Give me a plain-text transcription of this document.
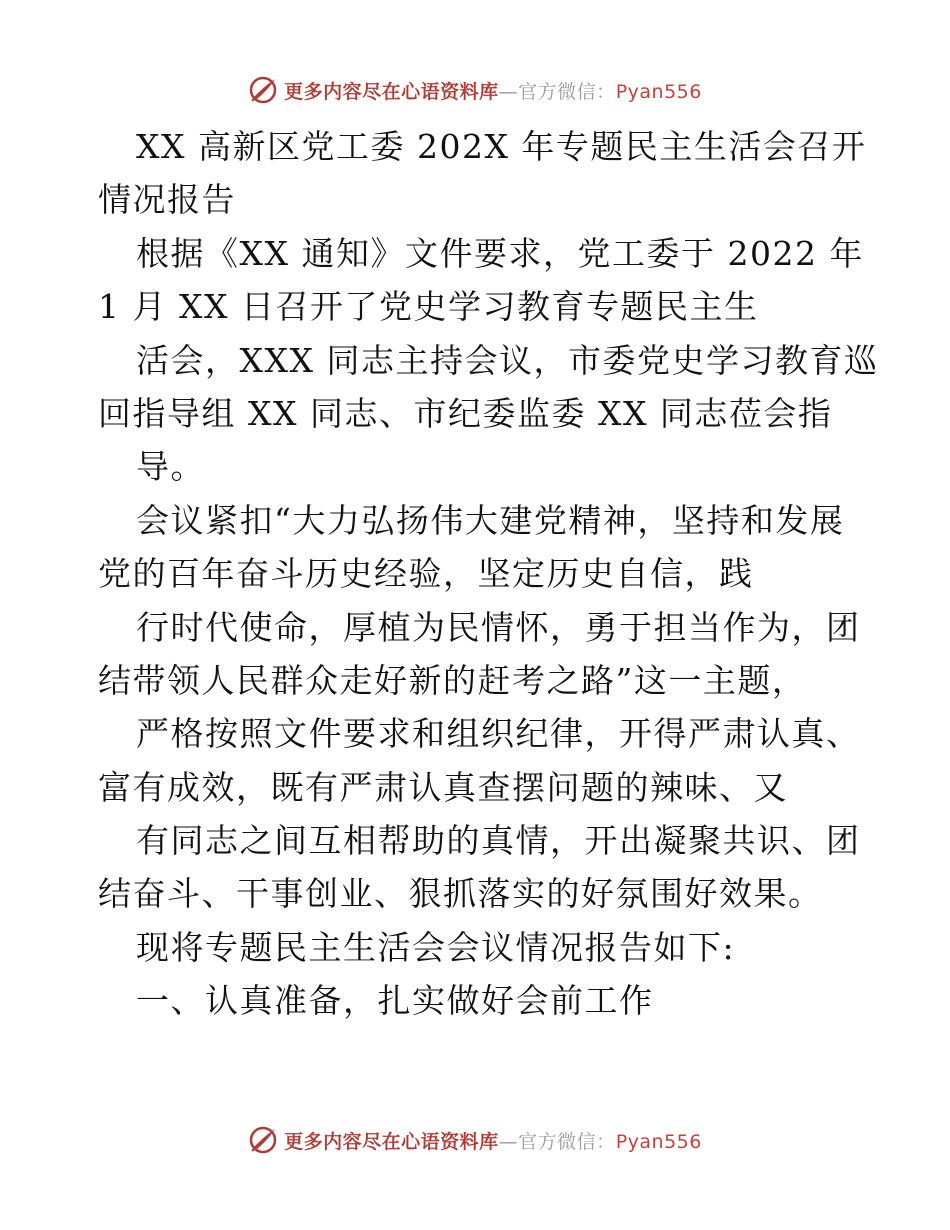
更多内容尽在心语资料库—官方微信：Pyan556
XX 高新区党工委 202X 年专题民主生活会召开
情况报告
根据《XX 通知》文件要求，党工委于 2022 年
1 月 XX 日召开了党史学习教育专题民主生
活会，XXX 同志主持会议，市委党史学习教育巡
回指导组 XX 同志、市纪委监委 XX 同志莅会指
导。
会议紧扣“大力弘扬伟大建党精神，坚持和发展
党的百年奋斗历史经验，坚定历史自信，践
行时代使命，厚植为民情怀，勇于担当作为，团
结带领人民群众走好新的赶考之路”这一主题，
严格按照文件要求和组织纪律，开得严肃认真、
富有成效，既有严肃认真查摆问题的辣味、又
有同志之间互相帮助的真情，开出凝聚共识、团
结奋斗、干事创业、狠抓落实的好氛围好效果。
现将专题民主生活会会议情况报告如下:
一、认真准备，扎实做好会前工作
更多内容尽在心语资料库—官方微信：Pyan556
